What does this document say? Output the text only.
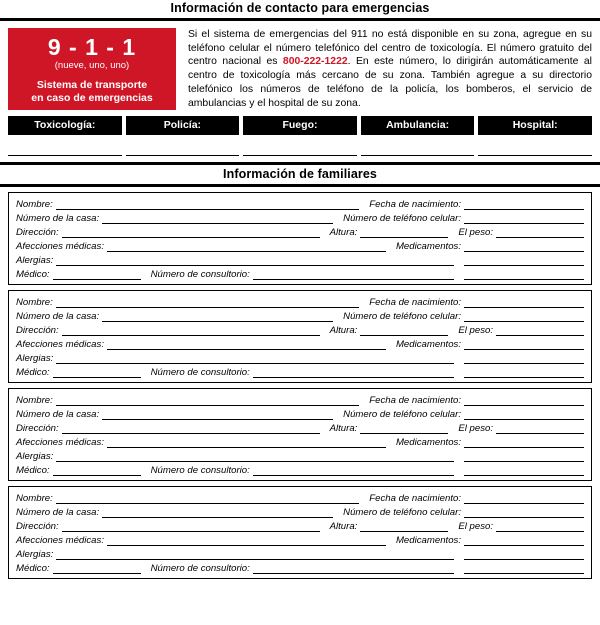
Información de contacto para emergencias
9 - 1 - 1
(nueve, uno, uno)
Sistema de transporte
en caso de emergencias
Si el sistema de emergencias del 911 no está disponible en su zona, agregue en su teléfono celular el número telefónico del centro de toxicología. El número gratuito del centro nacional es 800-222-1222. En este número, lo dirigirán automáticamente al centro de toxicología más cercano de su zona. También agregue a su directorio telefónico los números de teléfono de la policía, los bomberos, el servicio de ambulancias y el hospital de su zona.
Toxicología:	Policía:	Fuego:	Ambulancia:	Hospital:
Información de familiares
Nombre:	Fecha de nacimiento:
Número de la casa:	Número de teléfono celular:
Dirección:	Altura:	El peso:
Afecciones médicas:	Medicamentos:
Alergias:
Médico:	Número de consultorio:
Nombre:	Fecha de nacimiento:
Número de la casa:	Número de teléfono celular:
Dirección:	Altura:	El peso:
Afecciones médicas:	Medicamentos:
Alergias:
Médico:	Número de consultorio:
Nombre:	Fecha de nacimiento:
Número de la casa:	Número de teléfono celular:
Dirección:	Altura:	El peso:
Afecciones médicas:	Medicamentos:
Alergias:
Médico:	Número de consultorio:
Nombre:	Fecha de nacimiento:
Número de la casa:	Número de teléfono celular:
Dirección:	Altura:	El peso:
Afecciones médicas:	Medicamentos:
Alergias:
Médico:	Número de consultorio:
